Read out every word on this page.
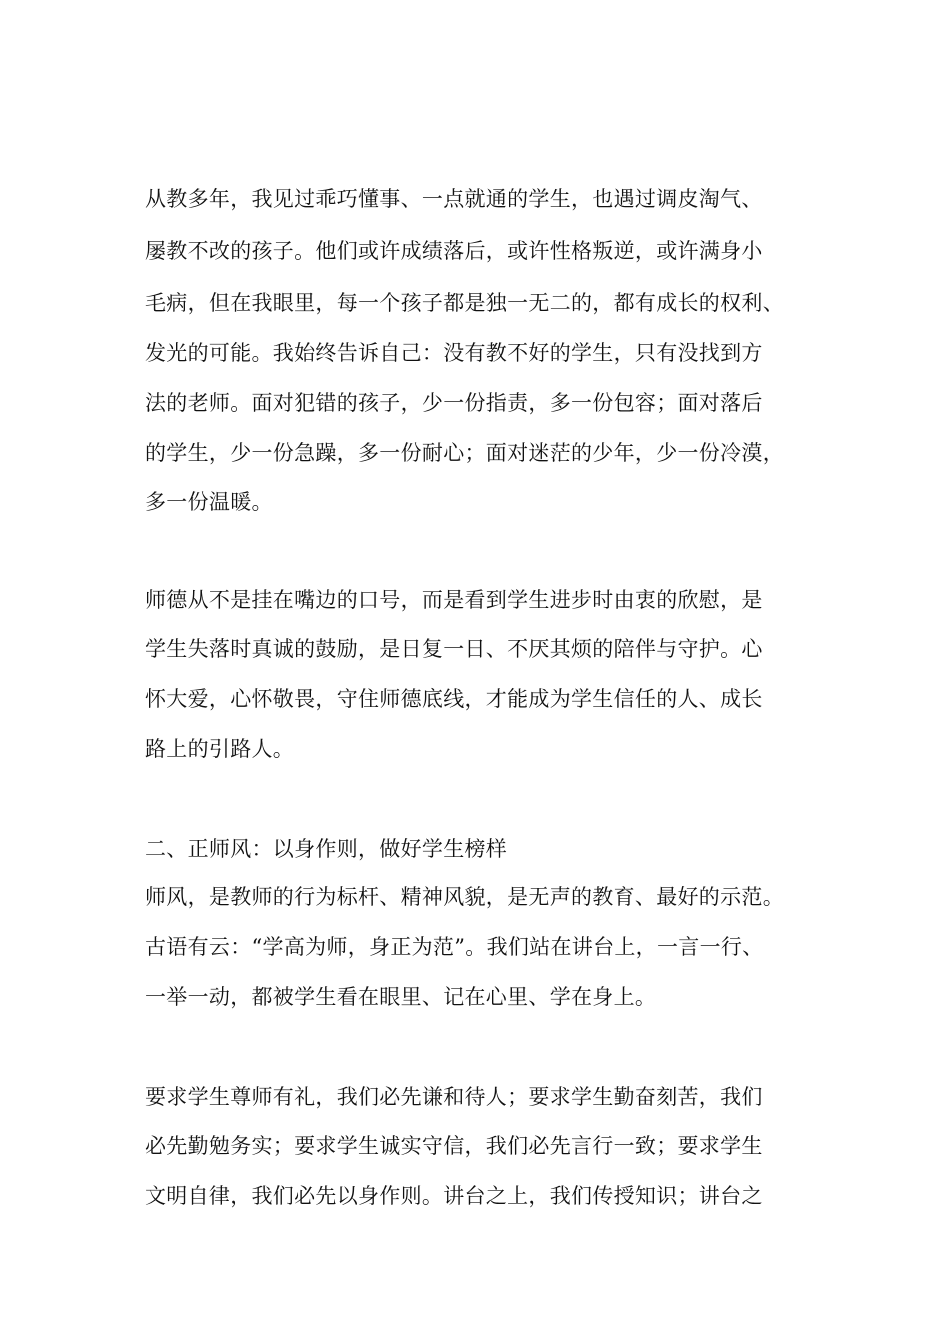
从教多年，我见过乖巧懂事、一点就通的学生，也遇过调皮淘气、
屡教不改的孩子。他们或许成绩落后，或许性格叛逆，或许满身小
毛病，但在我眼里，每一个孩子都是独一无二的，都有成长的权利、
发光的可能。我始终告诉自己：没有教不好的学生，只有没找到方
法的老师。面对犯错的孩子，少一份指责，多一份包容；面对落后
的学生，少一份急躁，多一份耐心；面对迷茫的少年，少一份冷漠，
多一份温暖。
师德从不是挂在嘴边的口号，而是看到学生进步时由衷的欣慰，是
学生失落时真诚的鼓励，是日复一日、不厌其烦的陪伴与守护。心
怀大爱，心怀敬畏，守住师德底线，才能成为学生信任的人、成长
路上的引路人。
二、正师风：以身作则，做好学生榜样
师风，是教师的行为标杆、精神风貌，是无声的教育、最好的示范。
古语有云：“学高为师，身正为范”。我们站在讲台上，一言一行、
一举一动，都被学生看在眼里、记在心里、学在身上。
要求学生尊师有礼，我们必先谦和待人；要求学生勤奋刻苦，我们
必先勤勉务实；要求学生诚实守信，我们必先言行一致；要求学生
文明自律，我们必先以身作则。讲台之上，我们传授知识；讲台之
